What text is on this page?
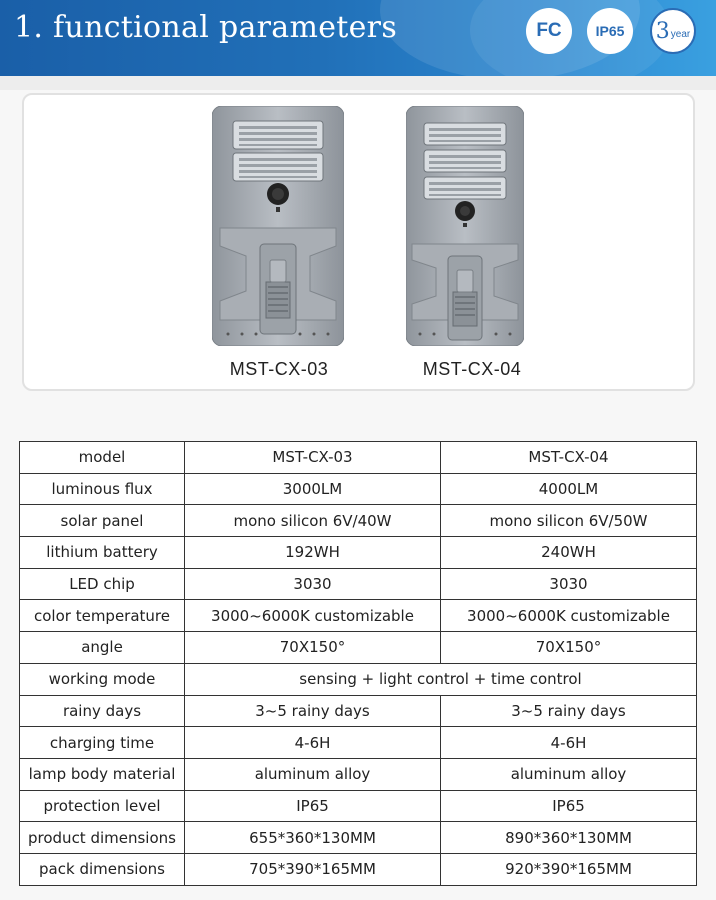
1. functional parameters	FC	IP65	3 year
MST-CX-03	MST-CX-04
model	MST-CX-03	MST-CX-04
luminous flux	3000LM	4000LM
solar panel	mono silicon 6V/40W	mono silicon 6V/50W
lithium battery	192WH	240WH
LED chip	3030	3030
color temperature	3000~6000K customizable	3000~6000K customizable
angle	70X150°	70X150°
working mode	sensing + light control + time control	
rainy days	3~5 rainy days	3~5 rainy days
charging time	4-6H	4-6H
lamp body material	aluminum alloy	aluminum alloy
protection level	IP65	IP65
product dimensions	655*360*130MM	890*360*130MM
pack dimensions	705*390*165MM	920*390*165MM
